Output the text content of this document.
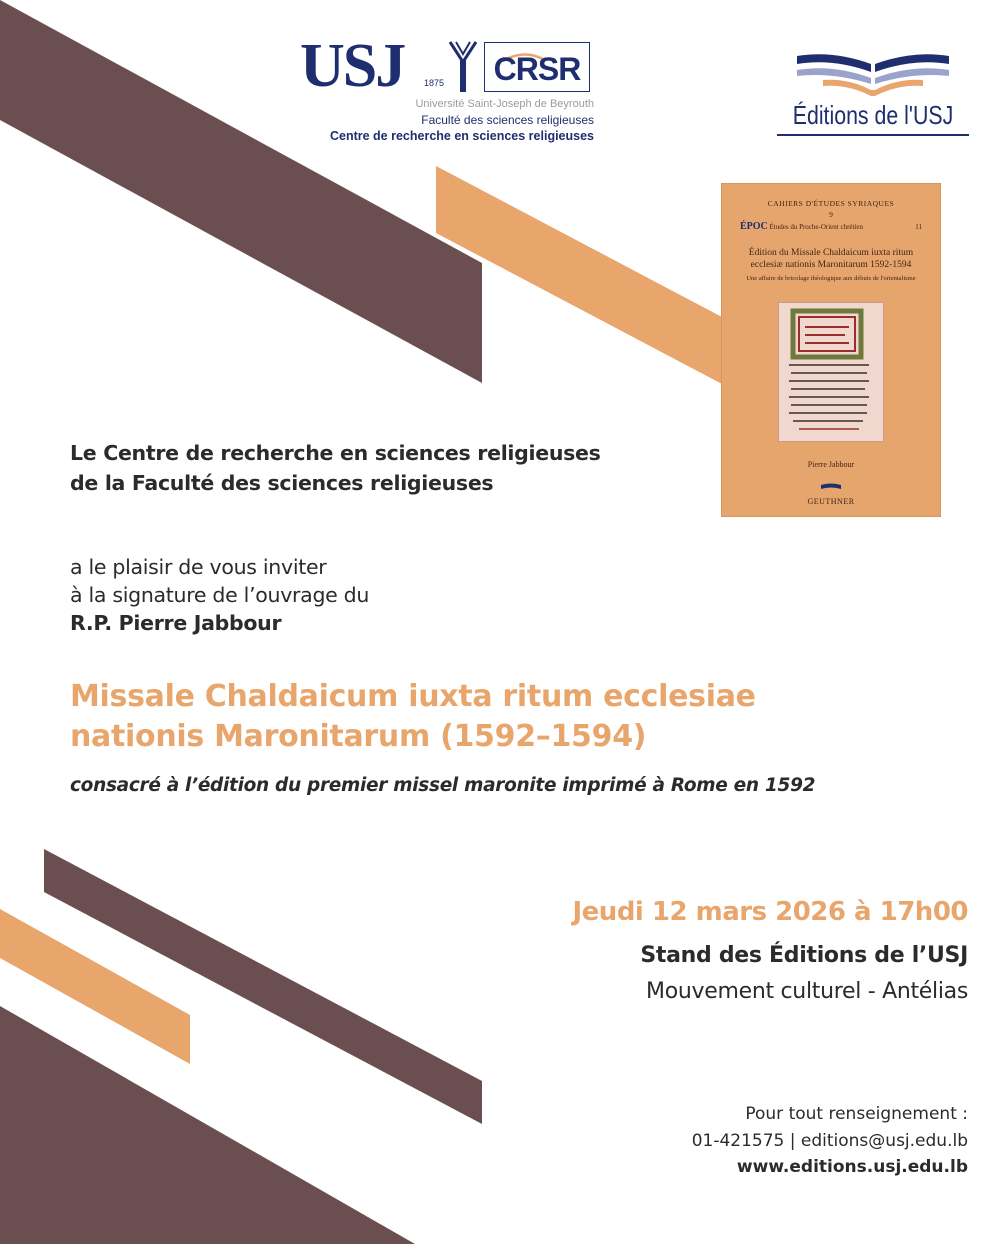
USJ 1875 CRSR
Université Saint-Joseph de Beyrouth
Faculté des sciences religieuses
Centre de recherche en sciences religieuses
Éditions de l'USJ
CAHIERS D'ÉTUDES SYRIAQUES
9
ÉPOC Études du Proche-Orient chrétien	11
Édition du Missale Chaldaicum iuxta ritum
ecclesiæ nationis Maronitarum 1592-1594
Une affaire de bricolage théologique aux débuts de l'orientalisme
Pierre Jabbour
GEUTHNER
Le Centre de recherche en sciences religieuses
de la Faculté des sciences religieuses
a le plaisir de vous inviter
à la signature de l’ouvrage du
R.P. Pierre Jabbour
Missale Chaldaicum iuxta ritum ecclesiae
nationis Maronitarum (1592–1594)
consacré à l’édition du premier missel maronite imprimé à Rome en 1592
Jeudi 12 mars 2026 à 17h00
Stand des Éditions de l’USJ
Mouvement culturel - Antélias
Pour tout renseignement :
01-421575 | editions@usj.edu.lb
www.editions.usj.edu.lb
